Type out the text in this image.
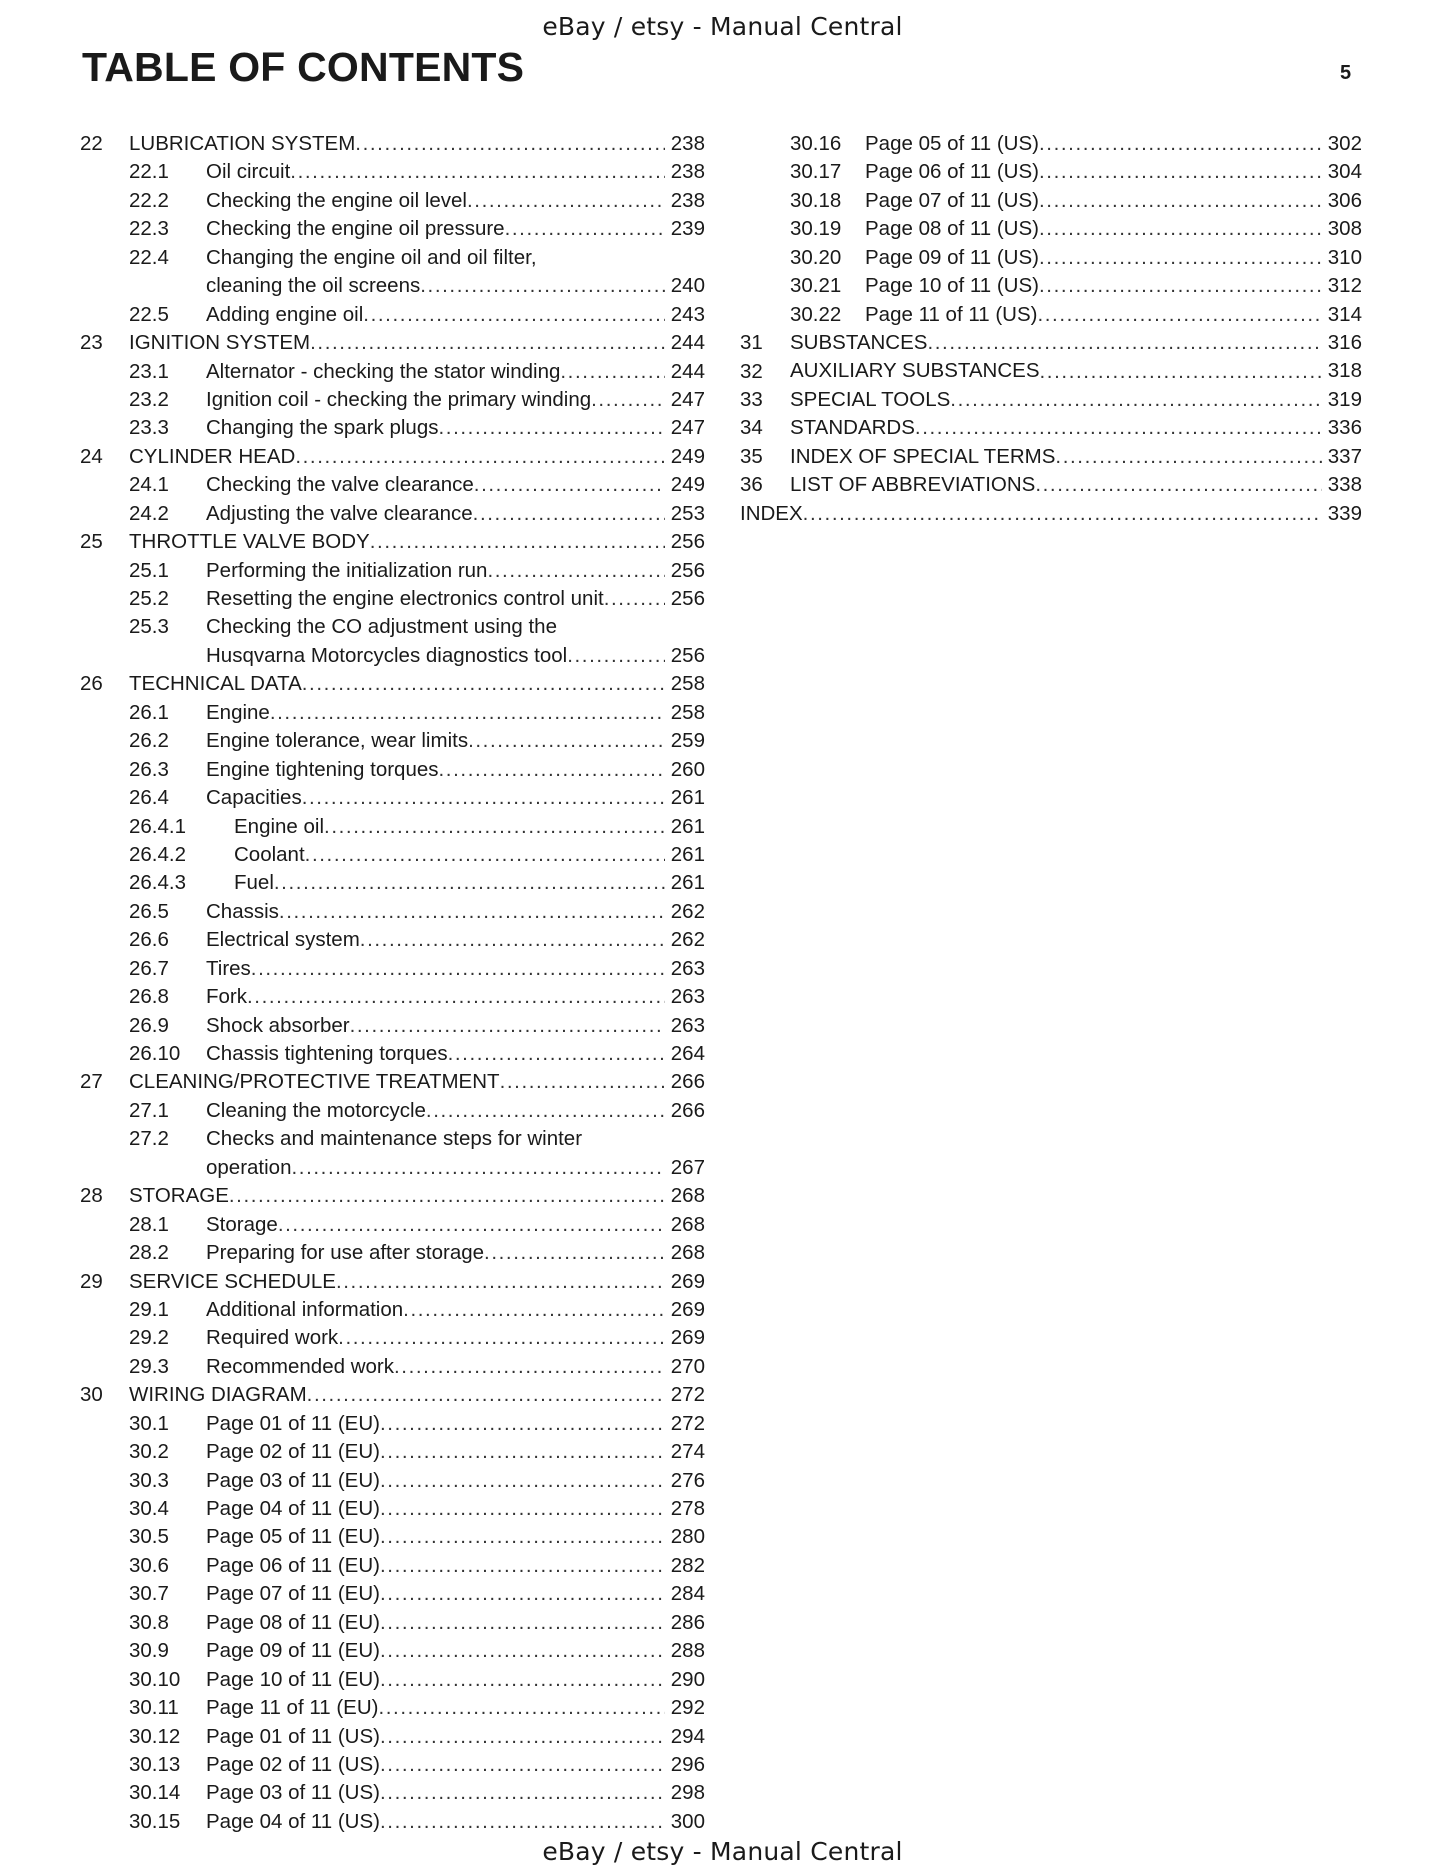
eBay / etsy - Manual Central
TABLE OF CONTENTS	5
22 LUBRICATION SYSTEM .....	238
22.1 Oil circuit .....	238
22.2 Checking the engine oil level .....	238
22.3 Checking the engine oil pressure .....	239
22.4 Changing the engine oil and oil filter,
cleaning the oil screens .....	240
22.5 Adding engine oil .....	243
23 IGNITION SYSTEM .....	244
23.1 Alternator - checking the stator winding .....	244
23.2 Ignition coil - checking the primary winding .....	247
23.3 Changing the spark plugs .....	247
24 CYLINDER HEAD .....	249
24.1 Checking the valve clearance .....	249
24.2 Adjusting the valve clearance .....	253
25 THROTTLE VALVE BODY .....	256
25.1 Performing the initialization run .....	256
25.2 Resetting the engine electronics control unit .....	256
25.3 Checking the CO adjustment using the
Husqvarna Motorcycles diagnostics tool .....	256
26 TECHNICAL DATA .....	258
26.1 Engine .....	258
26.2 Engine tolerance, wear limits .....	259
26.3 Engine tightening torques .....	260
26.4 Capacities .....	261
26.4.1 Engine oil .....	261
26.4.2 Coolant .....	261
26.4.3 Fuel .....	261
26.5 Chassis .....	262
26.6 Electrical system .....	262
26.7 Tires .....	263
26.8 Fork .....	263
26.9 Shock absorber .....	263
26.10 Chassis tightening torques .....	264
27 CLEANING/PROTECTIVE TREATMENT .....	266
27.1 Cleaning the motorcycle .....	266
27.2 Checks and maintenance steps for winter
operation .....	267
28 STORAGE .....	268
28.1 Storage .....	268
28.2 Preparing for use after storage .....	268
29 SERVICE SCHEDULE .....	269
29.1 Additional information .....	269
29.2 Required work .....	269
29.3 Recommended work .....	270
30 WIRING DIAGRAM .....	272
30.1 Page 01 of 11 (EU) .....	272
30.2 Page 02 of 11 (EU) .....	274
30.3 Page 03 of 11 (EU) .....	276
30.4 Page 04 of 11 (EU) .....	278
30.5 Page 05 of 11 (EU) .....	280
30.6 Page 06 of 11 (EU) .....	282
30.7 Page 07 of 11 (EU) .....	284
30.8 Page 08 of 11 (EU) .....	286
30.9 Page 09 of 11 (EU) .....	288
30.10 Page 10 of 11 (EU) .....	290
30.11 Page 11 of 11 (EU) .....	292
30.12 Page 01 of 11 (US) .....	294
30.13 Page 02 of 11 (US) .....	296
30.14 Page 03 of 11 (US) .....	298
30.15 Page 04 of 11 (US) .....	300
30.16 Page 05 of 11 (US) .....	302
30.17 Page 06 of 11 (US) .....	304
30.18 Page 07 of 11 (US) .....	306
30.19 Page 08 of 11 (US) .....	308
30.20 Page 09 of 11 (US) .....	310
30.21 Page 10 of 11 (US) .....	312
30.22 Page 11 of 11 (US) .....	314
31 SUBSTANCES .....	316
32 AUXILIARY SUBSTANCES .....	318
33 SPECIAL TOOLS .....	319
34 STANDARDS .....	336
35 INDEX OF SPECIAL TERMS .....	337
36 LIST OF ABBREVIATIONS .....	338
INDEX .....	339
eBay / etsy - Manual Central
